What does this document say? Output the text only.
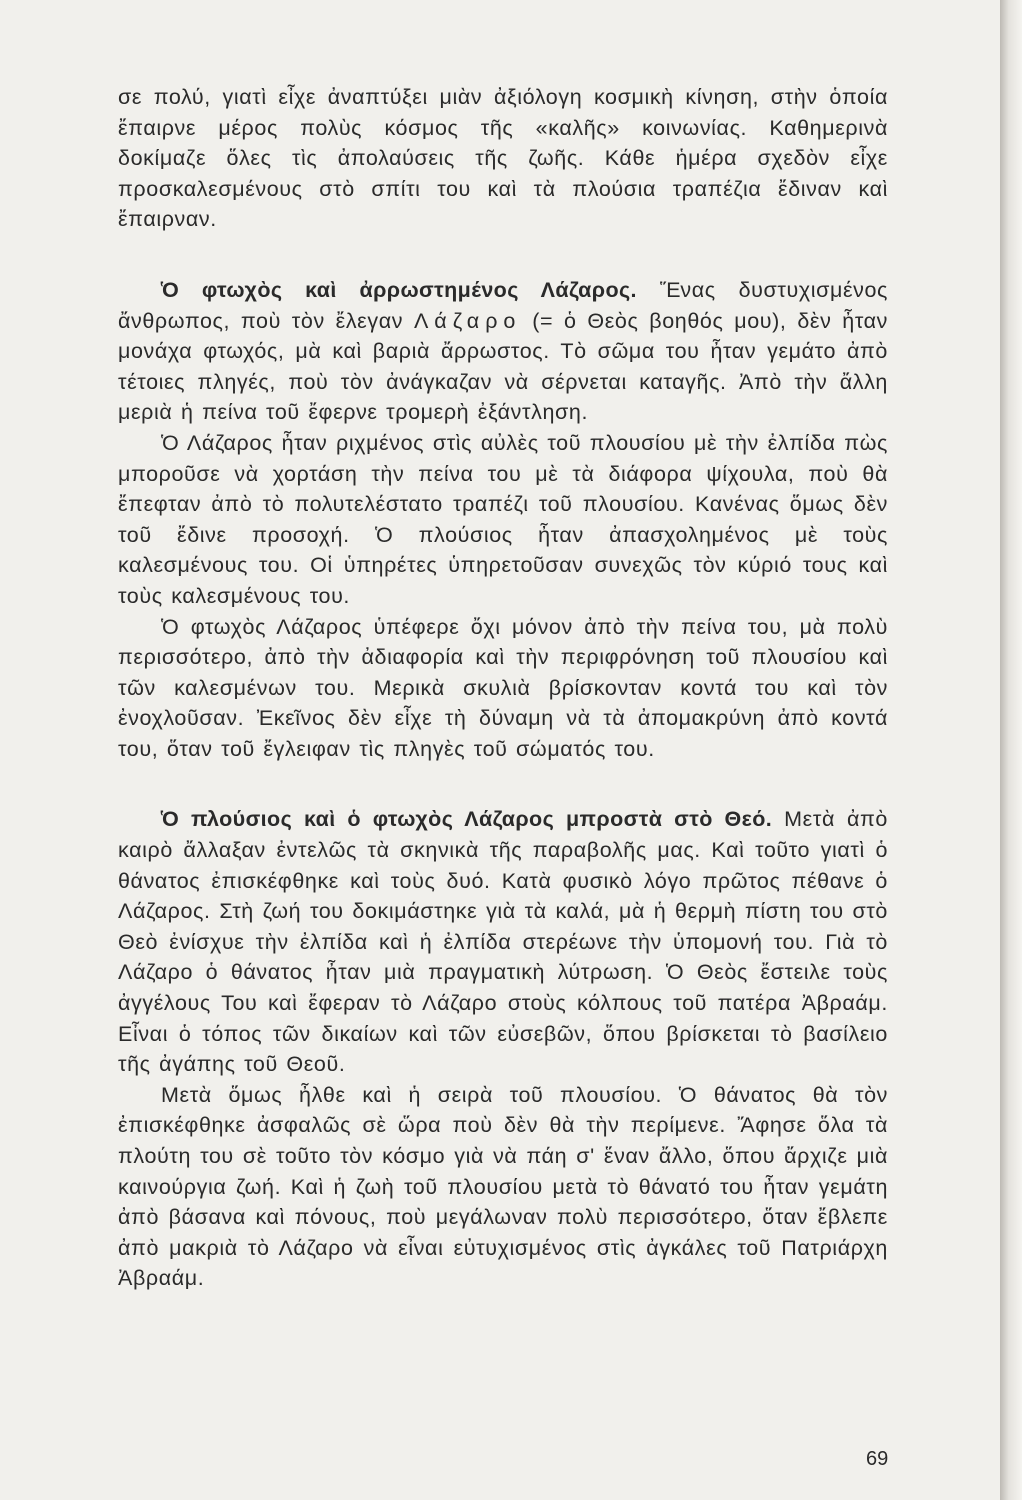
σε πολύ, γιατὶ εἶχε ἀναπτύξει μιὰν ἀξιόλογη κοσμικὴ κίνηση, στὴν ὁποία ἔπαιρνε μέρος πολὺς κόσμος τῆς «καλῆς» κοινωνίας. Καθημερινὰ δοκίμαζε ὅλες τὶς ἀπολαύσεις τῆς ζωῆς. Κάθε ἡμέρα σχεδὸν εἶχε προσκαλεσμένους στὸ σπίτι του καὶ τὰ πλούσια τραπέζια ἔδιναν καὶ ἔπαιρναν.

Ὁ φτωχὸς καὶ ἀρρωστημένος Λάζαρος. Ἕνας δυστυχισμένος ἄνθρωπος, ποὺ τὸν ἔλεγαν Λάζαρο (= ὁ Θεὸς βοηθός μου), δὲν ἦταν μονάχα φτωχός, μὰ καὶ βαριὰ ἄρρωστος. Τὸ σῶμα του ἦταν γεμάτο ἀπὸ τέτοιες πληγές, ποὺ τὸν ἀνάγκαζαν νὰ σέρνεται καταγῆς. Ἀπὸ τὴν ἄλλη μεριὰ ἡ πείνα τοῦ ἔφερνε τρομερὴ ἐξάντληση.

Ὁ Λάζαρος ἦταν ριχμένος στὶς αὐλὲς τοῦ πλουσίου μὲ τὴν ἐλπίδα πὼς μποροῦσε νὰ χορτάση τὴν πείνα του μὲ τὰ διάφορα ψίχουλα, ποὺ θὰ ἔπεφταν ἀπὸ τὸ πολυτελέστατο τραπέζι τοῦ πλουσίου. Κανένας ὅμως δὲν τοῦ ἔδινε προσοχή. Ὁ πλούσιος ἦταν ἀπασχολημένος μὲ τοὺς καλεσμένους του. Οἱ ὑπηρέτες ὑπηρετοῦσαν συνεχῶς τὸν κύριό τους καὶ τοὺς καλεσμένους του.

Ὁ φτωχὸς Λάζαρος ὑπέφερε ὄχι μόνον ἀπὸ τὴν πείνα του, μὰ πολὺ περισσότερο, ἀπὸ τὴν ἀδιαφορία καὶ τὴν περιφρόνηση τοῦ πλουσίου καὶ τῶν καλεσμένων του. Μερικὰ σκυλιὰ βρίσκονταν κοντά του καὶ τὸν ἐνοχλοῦσαν. Ἐκεῖνος δὲν εἶχε τὴ δύναμη νὰ τὰ ἀπομακρύνη ἀπὸ κοντά του, ὅταν τοῦ ἔγλειφαν τὶς πληγὲς τοῦ σώματός του.

Ὁ πλούσιος καὶ ὁ φτωχὸς Λάζαρος μπροστὰ στὸ Θεό. Μετὰ ἀπὸ καιρὸ ἄλλαξαν ἐντελῶς τὰ σκηνικὰ τῆς παραβολῆς μας. Καὶ τοῦτο γιατὶ ὁ θάνατος ἐπισκέφθηκε καὶ τοὺς δυό. Κατὰ φυσικὸ λόγο πρῶτος πέθανε ὁ Λάζαρος. Στὴ ζωή του δοκιμάστηκε γιὰ τὰ καλά, μὰ ἡ θερμὴ πίστη του στὸ Θεὸ ἐνίσχυε τὴν ἐλπίδα καὶ ἡ ἐλπίδα στερέωνε τὴν ὑπομονή του. Γιὰ τὸ Λάζαρο ὁ θάνατος ἦταν μιὰ πραγματικὴ λύτρωση. Ὁ Θεὸς ἔστειλε τοὺς ἀγγέλους Του καὶ ἔφεραν τὸ Λάζαρο στοὺς κόλπους τοῦ πατέρα Ἀβραάμ. Εἶναι ὁ τόπος τῶν δικαίων καὶ τῶν εὐσεβῶν, ὅπου βρίσκεται τὸ βασίλειο τῆς ἀγάπης τοῦ Θεοῦ.

Μετὰ ὅμως ἦλθε καὶ ἡ σειρὰ τοῦ πλουσίου. Ὁ θάνατος θὰ τὸν ἐπισκέφθηκε ἀσφαλῶς σὲ ὥρα ποὺ δὲν θὰ τὴν περίμενε. Ἄφησε ὅλα τὰ πλούτη του σὲ τοῦτο τὸν κόσμο γιὰ νὰ πάη σ' ἕναν ἄλλο, ὅπου ἄρχιζε μιὰ καινούργια ζωή. Καὶ ἡ ζωὴ τοῦ πλουσίου μετὰ τὸ θάνατό του ἦταν γεμάτη ἀπὸ βάσανα καὶ πόνους, ποὺ μεγάλωναν πολὺ περισσότερο, ὅταν ἔβλεπε ἀπὸ μακριὰ τὸ Λάζαρο νὰ εἶναι εὐτυχισμένος στὶς ἀγκάλες τοῦ Πατριάρχη Ἀβραάμ.

69
